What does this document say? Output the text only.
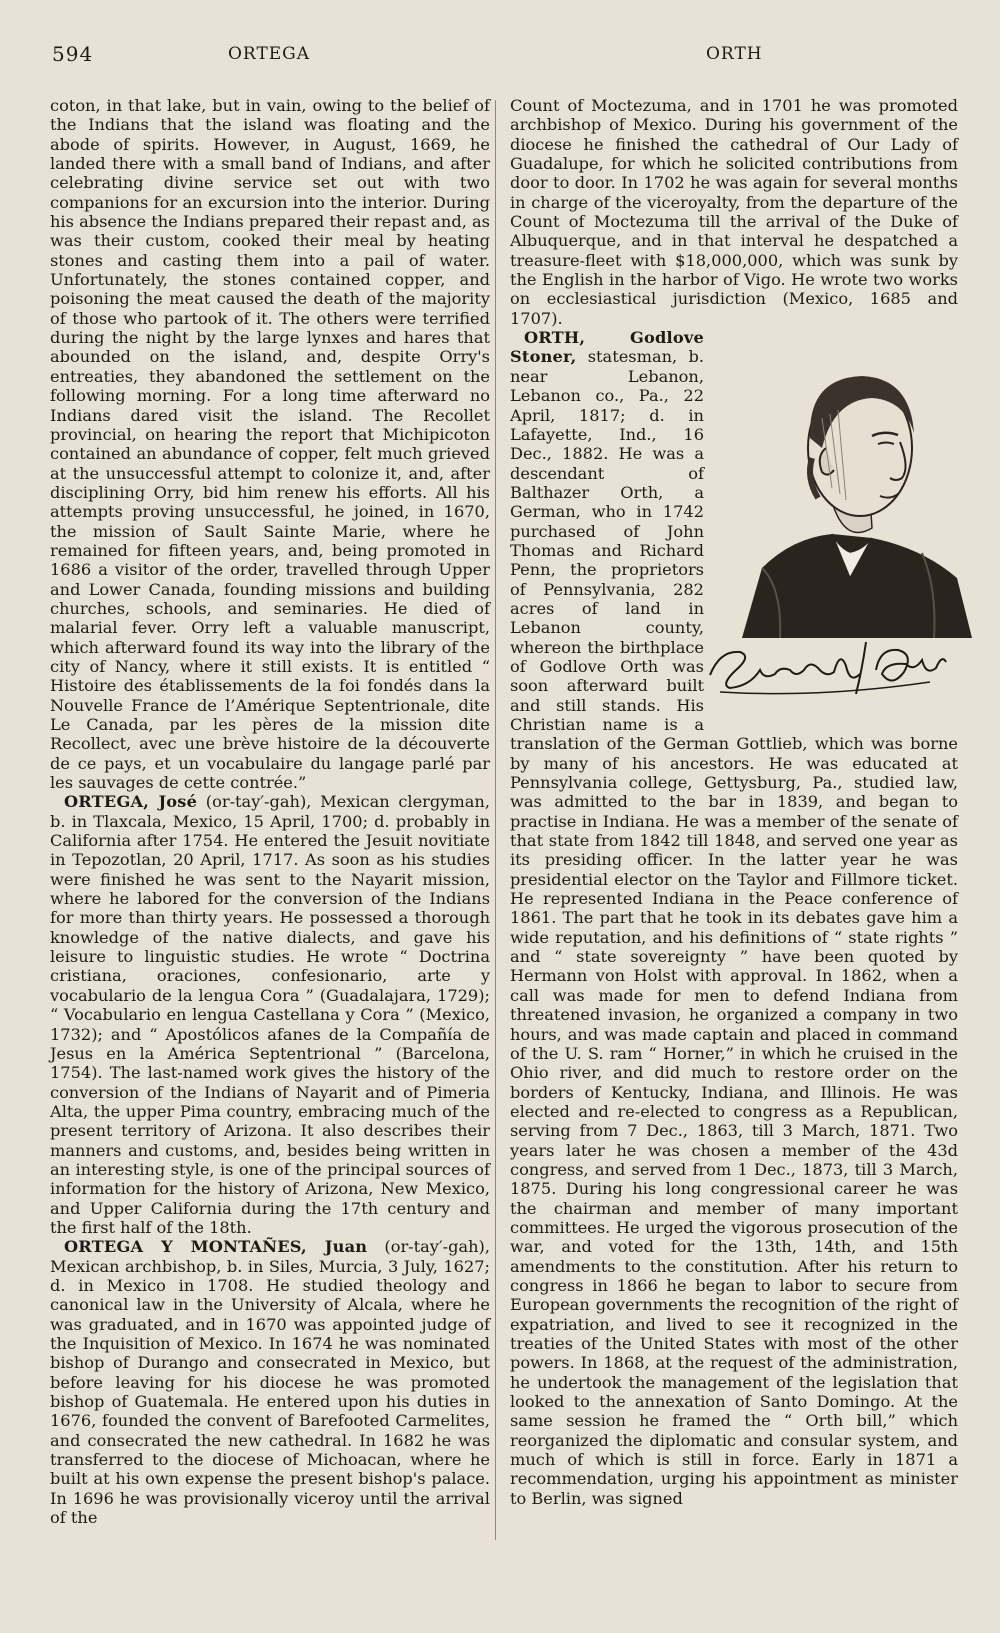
594	ORTEGA	ORTH

coton, in that lake, but in vain, owing to the belief of the Indians that the island was floating and the abode of spirits. However, in August, 1669, he landed there with a small band of Indians, and after celebrating divine service set out with two companions for an excursion into the interior. During his absence the Indians prepared their repast and, as was their custom, cooked their meal by heating stones and casting them into a pail of water. Unfortunately, the stones contained copper, and poisoning the meat caused the death of the majority of those who partook of it. The others were terrified during the night by the large lynxes and hares that abounded on the island, and, despite Orry's entreaties, they abandoned the settlement on the following morning. For a long time afterward no Indians dared visit the island. The Recollet provincial, on hearing the report that Michipicoton contained an abundance of copper, felt much grieved at the unsuccessful attempt to colonize it, and, after disciplining Orry, bid him renew his efforts. All his attempts proving unsuccessful, he joined, in 1670, the mission of Sault Sainte Marie, where he remained for fifteen years, and, being promoted in 1686 a visitor of the order, travelled through Upper and Lower Canada, founding missions and building churches, schools, and seminaries. He died of malarial fever. Orry left a valuable manuscript, which afterward found its way into the library of the city of Nancy, where it still exists. It is entitled “ Histoire des établissements de la foi fondés dans la Nouvelle France de l’Amérique Septentrionale, dite Le Canada, par les pères de la mission dite Recollect, avec une brève histoire de la découverte de ce pays, et un vocabulaire du langage parlé par les sauvages de cette contrée.”

ORTEGA, José (or-tay′-gah), Mexican clergyman, b. in Tlaxcala, Mexico, 15 April, 1700; d. probably in California after 1754. He entered the Jesuit novitiate in Tepozotlan, 20 April, 1717. As soon as his studies were finished he was sent to the Nayarit mission, where he labored for the conversion of the Indians for more than thirty years. He possessed a thorough knowledge of the native dialects, and gave his leisure to linguistic studies. He wrote “ Doctrina cristiana, oraciones, confesionario, arte y vocabulario de la lengua Cora ” (Guadalajara, 1729); “ Vocabulario en lengua Castellana y Cora ” (Mexico, 1732); and “ Apostólicos afanes de la Compañía de Jesus en la América Septentrional ” (Barcelona, 1754). The last-named work gives the history of the conversion of the Indians of Nayarit and of Pimeria Alta, the upper Pima country, embracing much of the present territory of Arizona. It also describes their manners and customs, and, besides being written in an interesting style, is one of the principal sources of information for the history of Arizona, New Mexico, and Upper California during the 17th century and the first half of the 18th.

ORTEGA Y MONTAÑES, Juan (or-tay′-gah), Mexican archbishop, b. in Siles, Murcia, 3 July, 1627; d. in Mexico in 1708. He studied theology and canonical law in the University of Alcala, where he was graduated, and in 1670 was appointed judge of the Inquisition of Mexico. In 1674 he was nominated bishop of Durango and consecrated in Mexico, but before leaving for his diocese he was promoted bishop of Guatemala. He entered upon his duties in 1676, founded the convent of Barefooted Carmelites, and consecrated the new cathedral. In 1682 he was transferred to the diocese of Michoacan, where he built at his own expense the present bishop's palace. In 1696 he was provisionally viceroy until the arrival of the

Count of Moctezuma, and in 1701 he was promoted archbishop of Mexico. During his government of the diocese he finished the cathedral of Our Lady of Guadalupe, for which he solicited contributions from door to door. In 1702 he was again for several months in charge of the viceroyalty, from the departure of the Count of Moctezuma till the arrival of the Duke of Albuquerque, and in that interval he despatched a treasure-fleet with $18,000,000, which was sunk by the English in the harbor of Vigo. He wrote two works on ecclesiastical jurisdiction (Mexico, 1685 and 1707).

ORTH, Godlove Stoner, statesman, b. near Lebanon, Lebanon co., Pa., 22 April, 1817; d. in Lafayette, Ind., 16 Dec., 1882. He was a descendant of Balthazer Orth, a German, who in 1742 purchased of John Thomas and Richard Penn, the proprietors of Pennsylvania, 282 acres of land in Lebanon county, whereon the birthplace of Godlove Orth was soon afterward built and still stands. His Christian name is a translation of the German Gottlieb, which was borne by many of his ancestors. He was educated at Pennsylvania college, Gettysburg, Pa., studied law, was admitted to the bar in 1839, and began to practise in Indiana. He was a member of the senate of that state from 1842 till 1848, and served one year as its presiding officer. In the latter year he was presidential elector on the Taylor and Fillmore ticket. He represented Indiana in the Peace conference of 1861. The part that he took in its debates gave him a wide reputation, and his definitions of “ state rights ” and “ state sovereignty ” have been quoted by Hermann von Holst with approval. In 1862, when a call was made for men to defend Indiana from threatened invasion, he organized a company in two hours, and was made captain and placed in command of the U. S. ram “ Horner,” in which he cruised in the Ohio river, and did much to restore order on the borders of Kentucky, Indiana, and Illinois. He was elected and re-elected to congress as a Republican, serving from 7 Dec., 1863, till 3 March, 1871. Two years later he was chosen a member of the 43d congress, and served from 1 Dec., 1873, till 3 March, 1875. During his long congressional career he was the chairman and member of many important committees. He urged the vigorous prosecution of the war, and voted for the 13th, 14th, and 15th amendments to the constitution. After his return to congress in 1866 he began to labor to secure from European governments the recognition of the right of expatriation, and lived to see it recognized in the treaties of the United States with most of the other powers. In 1868, at the request of the administration, he undertook the management of the legislation that looked to the annexation of Santo Domingo. At the same session he framed the “ Orth bill,” which reorganized the diplomatic and consular system, and much of which is still in force. Early in 1871 a recommendation, urging his appointment as minister to Berlin, was signed
